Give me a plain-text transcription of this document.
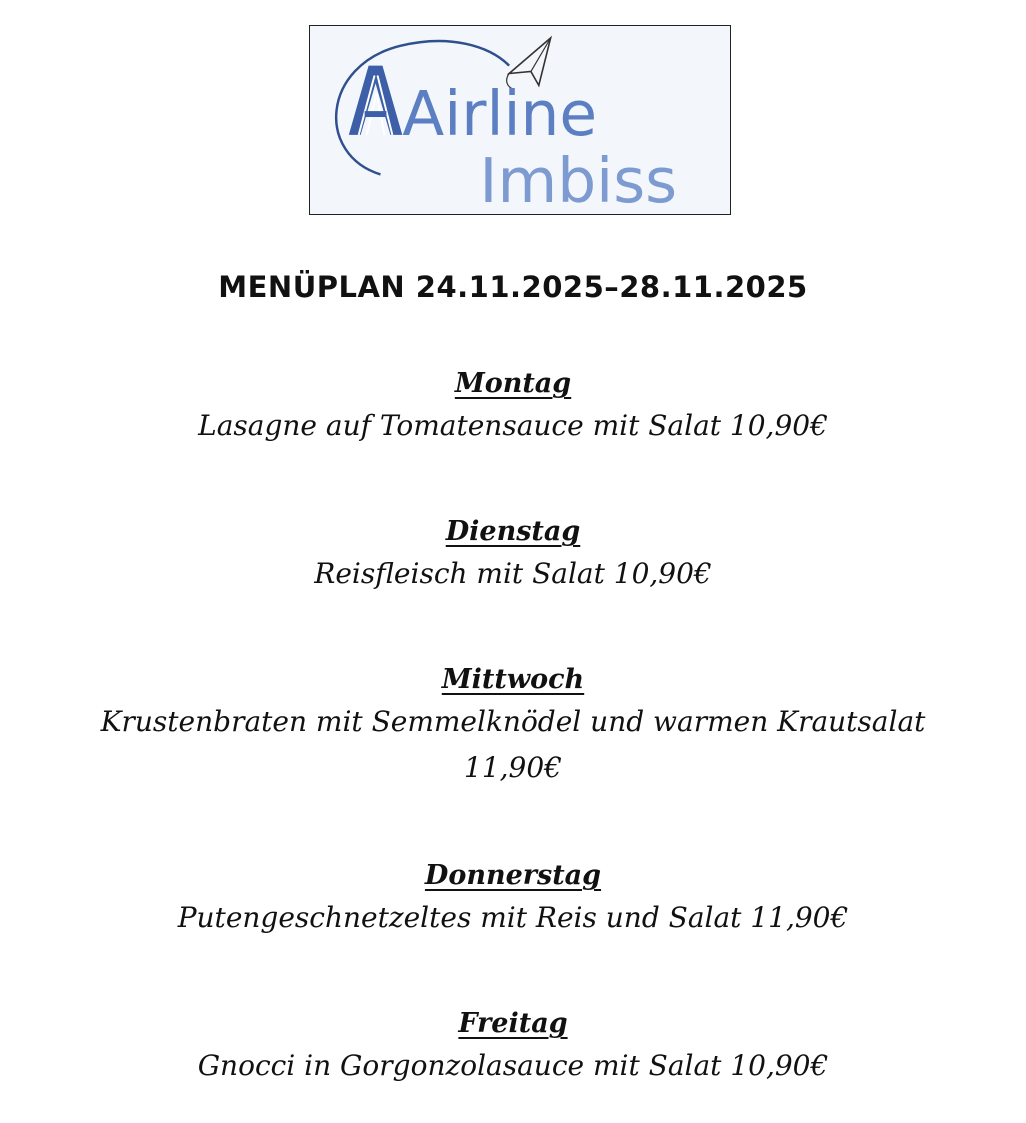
Airline
Imbiss
MENÜPLAN 24.11.2025–28.11.2025
Montag
Lasagne auf Tomatensauce mit Salat 10,90€
Dienstag
Reisfleisch mit Salat 10,90€
Mittwoch
Krustenbraten mit Semmelknödel und warmen Krautsalat 11,90€
Donnerstag
Putengeschnetzeltes mit Reis und Salat 11,90€
Freitag
Gnocci in Gorgonzolasauce mit Salat 10,90€
